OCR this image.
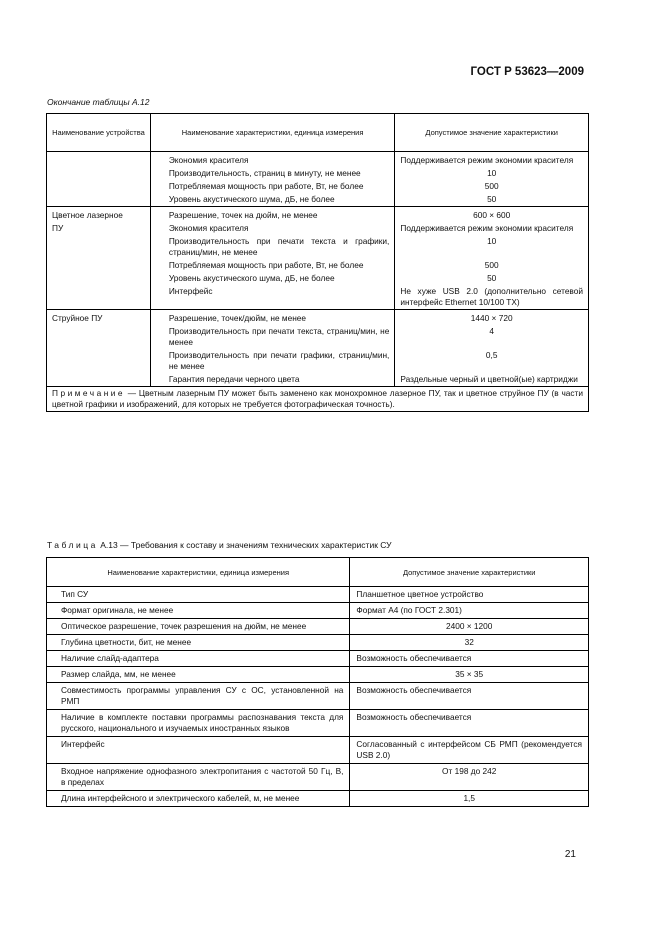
ГОСТ Р 53623—2009
Окончание таблицы А.12
Наименование устройства	Наименование характеристики, единица измерения	Допустимое значение характеристики
	Экономия красителя	Поддерживается режим экономии красителя
	Производительность, страниц в минуту, не менее	10
	Потребляемая мощность при работе, Вт, не более	500
	Уровень акустического шума, дБ, не более	50
Цветное лазерное	Разрешение, точек на дюйм, не менее	600 × 600
ПУ	Экономия красителя	Поддерживается режим экономии красителя
	Производительность при печати текста и графики, страниц/мин, не менее	10
	Потребляемая мощность при работе, Вт, не более	500
	Уровень акустического шума, дБ, не более	50
	Интерфейс	Не хуже USB 2.0 (дополнительно сетевой интерфейс Ethernet 10/100 TX)
Струйное ПУ	Разрешение, точек/дюйм, не менее	1440 × 720
	Производительность при печати текста, страниц/мин, не менее	4
	Производительность при печати графики, страниц/мин, не менее	0,5
	Гарантия передачи черного цвета	Раздельные черный и цветной(ые) картриджи
Примечание — Цветным лазерным ПУ может быть заменено как монохромное лазерное ПУ, так и цветное струйное ПУ (в части цветной графики и изображений, для которых не требуется фотографическая точность).		
Таблица А.13 — Требования к составу и значениям технических характеристик СУ
Наименование характеристики, единица измерения	Допустимое значение характеристики
Тип СУ	Планшетное цветное устройство
Формат оригинала, не менее	Формат А4 (по ГОСТ 2.301)
Оптическое разрешение, точек разрешения на дюйм, не менее	2400 × 1200
Глубина цветности, бит, не менее	32
Наличие слайд-адаптера	Возможность обеспечивается
Размер слайда, мм, не менее	35 × 35
Совместимость программы управления СУ с ОС, установленной на РМП	Возможность обеспечивается
Наличие в комплекте поставки программы распознавания текста для русского, национального и изучаемых иностранных языков	Возможность обеспечивается
Интерфейс	Согласованный с интерфейсом СБ РМП (рекомендуется USB 2.0)
Входное напряжение однофазного электропитания с частотой 50 Гц, В, в пределах	От 198 до 242
Длина интерфейсного и электрического кабелей, м, не менее	1,5
21
